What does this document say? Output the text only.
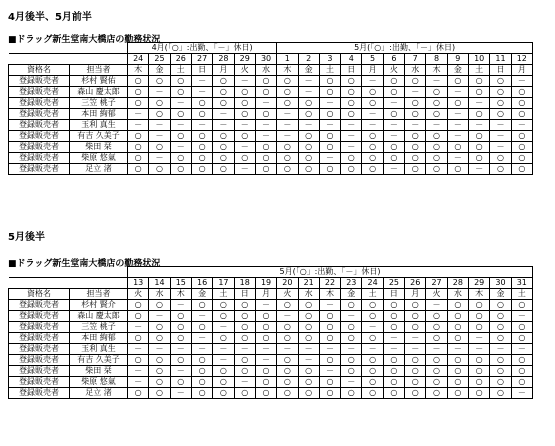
4月後半、5月前半
■ドラッグ新生堂南大橋店の勤務状況
		4月(「○」:出勤、「－」休日)							5月(「○」:出勤、「－」休日)											
		24	25	26	27	28	29	30	1	2	3	4	5	6	7	8	9	10	11	12
資格名	担当者	木	金	土	日	月	火	水	木	金	土	日	月	火	水	木	金	土	日	月
登録販売者	杉村 賢佑	○	○	○	－	○	－	○	○	－	○	○	－	○	○	－	○	○	○	－
登録販売者	森山 慶太郎	○	－	○	－	○	○	○	○	－	○	○	○	○	－	○	－	○	○	○
登録販売者	三笠 桃子	○	○	－	○	○	○	－	○	○	－	○	○	－	○	○	○	－	○	○
登録販売者	本田 絢郁	－	○	○	○	－	○	○	－	○	○	○	－	○	○	○	－	○	○	○
登録販売者	玉利 真生	－	－	－	－	－	－	－	－	－	－	－	－	－	－	－	－	－	－	－
登録販売者	有吉 久美子	○	－	○	○	○	○	－	－	○	○	－	○	－	○	○	－	○	－	○
登録販売者	柴田 栞	○	○	－	○	○	－	○	○	○	○	－	○	○	○	○	○	○	－	○
登録販売者	柴原 悠氣	○	－	○	○	○	○	○	○	○	－	○	○	○	○	○	－	○	○	○
登録販売者	足立 渚	○	○	○	○	○	－	○	○	○	○	○	○	－	○	○	○	－	○	○
5月後半
■ドラッグ新生堂南大橋店の勤務状況
		5月(「○」:出勤、「－」休日)																		
		13	14	15	16	17	18	19	20	21	22	23	24	25	26	27	28	29	30	31
資格名	担当者	火	水	木	金	土	日	月	火	水	木	金	土	日	月	火	水	木	金	土
登録販売者	杉村 賢介	○	○	－	○	○	○	－	○	○	－	○	○	○	○	－	○	○	○	○
登録販売者	森山 慶太郎	○	－	○	－	○	○	○	－	○	○	－	○	○	○	○	○	○	○	－
登録販売者	三笠 桃子	－	○	○	○	－	○	○	○	○	○	○	－	○	○	○	○	○	○	○
登録販売者	本田 絢郁	○	○	○	－	○	○	○	○	○	○	○	○	－	－	○	○	－	○	○
登録販売者	玉利 真生	－	－	－	－	－	－	－	－	－	－	－	－	－	－	－	－	－	－	－
登録販売者	有吉 久美子	○	○	○	○	－	○	－	○	－	○	○	○	○	○	○	○	○	○	○
登録販売者	柴田 栞	－	○	－	○	○	○	○	○	○	－	○	○	○	○	○	○	○	○	○
登録販売者	柴原 悠氣	－	○	○	○	○	－	○	○	○	○	－	○	○	○	○	○	○	○	○
登録販売者	足立 渚	○	○	－	○	○	○	○	○	○	○	○	○	○	○	○	○	○	○	－
